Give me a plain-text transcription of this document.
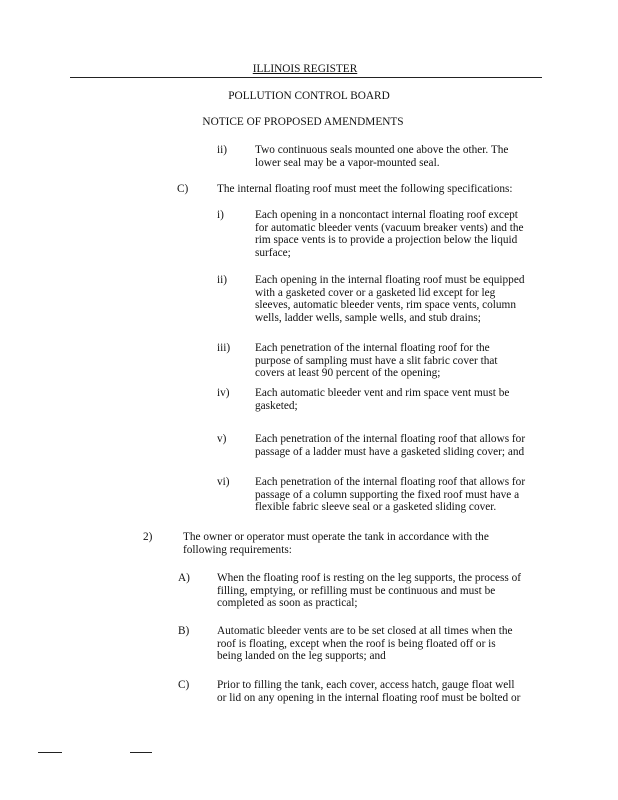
ILLINOIS REGISTER
POLLUTION CONTROL BOARD
NOTICE OF PROPOSED AMENDMENTS
ii) Two continuous seals mounted one above the other. The
lower seal may be a vapor-mounted seal.
C)	The internal floating roof must meet the following specifications:
i)	Each opening in a noncontact internal floating roof except
for automatic bleeder vents (vacuum breaker vents) and the
rim space vents is to provide a projection below the liquid
surface;
ii) Each opening in the internal floating roof must be equipped
with a gasketed cover or a gasketed lid except for leg
sleeves, automatic bleeder vents, rim space vents, column
wells, ladder wells, sample wells, and stub drains;
iii) Each penetration of the internal floating roof for the
purpose of sampling must have a slit fabric cover that
covers at least 90 percent of the opening;
iv) Each automatic bleeder vent and rim space vent must be
gasketed;
v)	Each penetration of the internal floating roof that allows for
passage of a ladder must have a gasketed sliding cover; and
vi) Each penetration of the internal floating roof that allows for
passage of a column supporting the fixed roof must have a
flexible fabric sleeve seal or a gasketed sliding cover.
2)	The owner or operator must operate the tank in accordance with the
following requirements:
A) When the floating roof is resting on the leg supports, the process of
filling, emptying, or refilling must be continuous and must be
completed as soon as practical;
B) Automatic bleeder vents are to be set closed at all times when the
roof is floating, except when the roof is being floated off or is
being landed on the leg supports; and
C) Prior to filling the tank, each cover, access hatch, gauge float well
or lid on any opening in the internal floating roof must be bolted or
